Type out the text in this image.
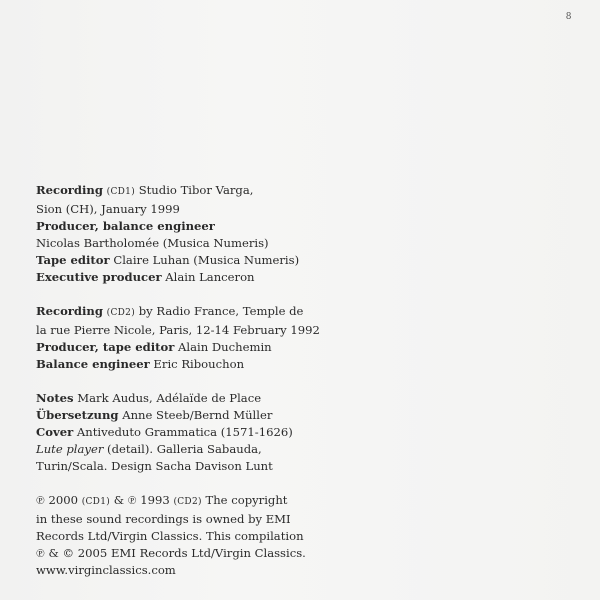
8
Recording (CD1) Studio Tibor Varga,
Sion (CH), January 1999
Producer, balance engineer
Nicolas Bartholomée (Musica Numeris)
Tape editor Claire Luhan (Musica Numeris)
Executive producer Alain Lanceron
Recording (CD2) by Radio France, Temple de
la rue Pierre Nicole, Paris, 12-14 February 1992
Producer, tape editor Alain Duchemin
Balance engineer Eric Ribouchon
Notes Mark Audus, Adélaïde de Place
Übersetzung Anne Steeb/Bernd Müller
Cover Antiveduto Grammatica (1571-1626)
Lute player (detail). Galleria Sabauda,
Turin/Scala. Design Sacha Davison Lunt
℗ 2000 (CD1) & ℗ 1993 (CD2) The copyright
in these sound recordings is owned by EMI
Records Ltd/Virgin Classics. This compilation
℗ & © 2005 EMI Records Ltd/Virgin Classics.
www.virginclassics.com
